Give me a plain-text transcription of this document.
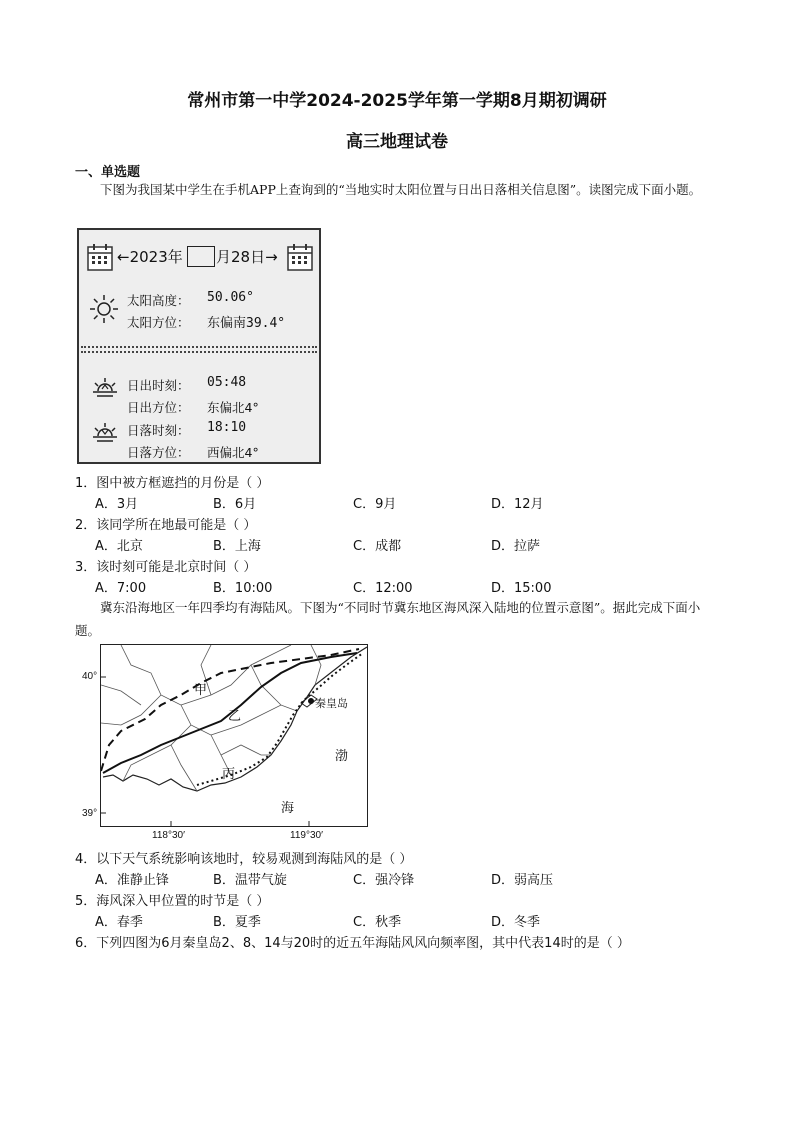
常州市第一中学2024-2025学年第一学期8月期初调研
高三地理试卷
一、单选题
下图为我国某中学生在手机APP上查询到的“当地实时太阳位置与日出日落相关信息图”。读图完成下面小题。
←2023年 月28日→
太阳高度： 50.06°
太阳方位： 东偏南39.4°
日出时刻： 05:48
日出方位： 东偏北4°
日落时刻： 18:10
日落方位： 西偏北4°
1．图中被方框遮挡的月份是（ ）
A．3月	B．6月	C．9月	D．12月
2．该同学所在地最可能是（ ）
A．北京	B．上海	C．成都	D．拉萨
3．该时刻可能是北京时间（ ）
A．7:00	B．10:00	C．12:00	D．15:00
冀东沿海地区一年四季均有海陆风。下图为“不同时节冀东地区海风深入陆地的位置示意图”。据此完成下面小题。
40°
39°
118°30′	119°30′
甲
乙
丙
秦皇岛
渤
海
4．以下天气系统影响该地时，较易观测到海陆风的是（ ）
A．准静止锋	B．温带气旋	C．强冷锋	D．弱高压
5．海风深入甲位置的时节是（ ）
A．春季	B．夏季	C．秋季	D．冬季
6．下列四图为6月秦皇岛2、8、14与20时的近五年海陆风风向频率图，其中代表14时的是（ ）
